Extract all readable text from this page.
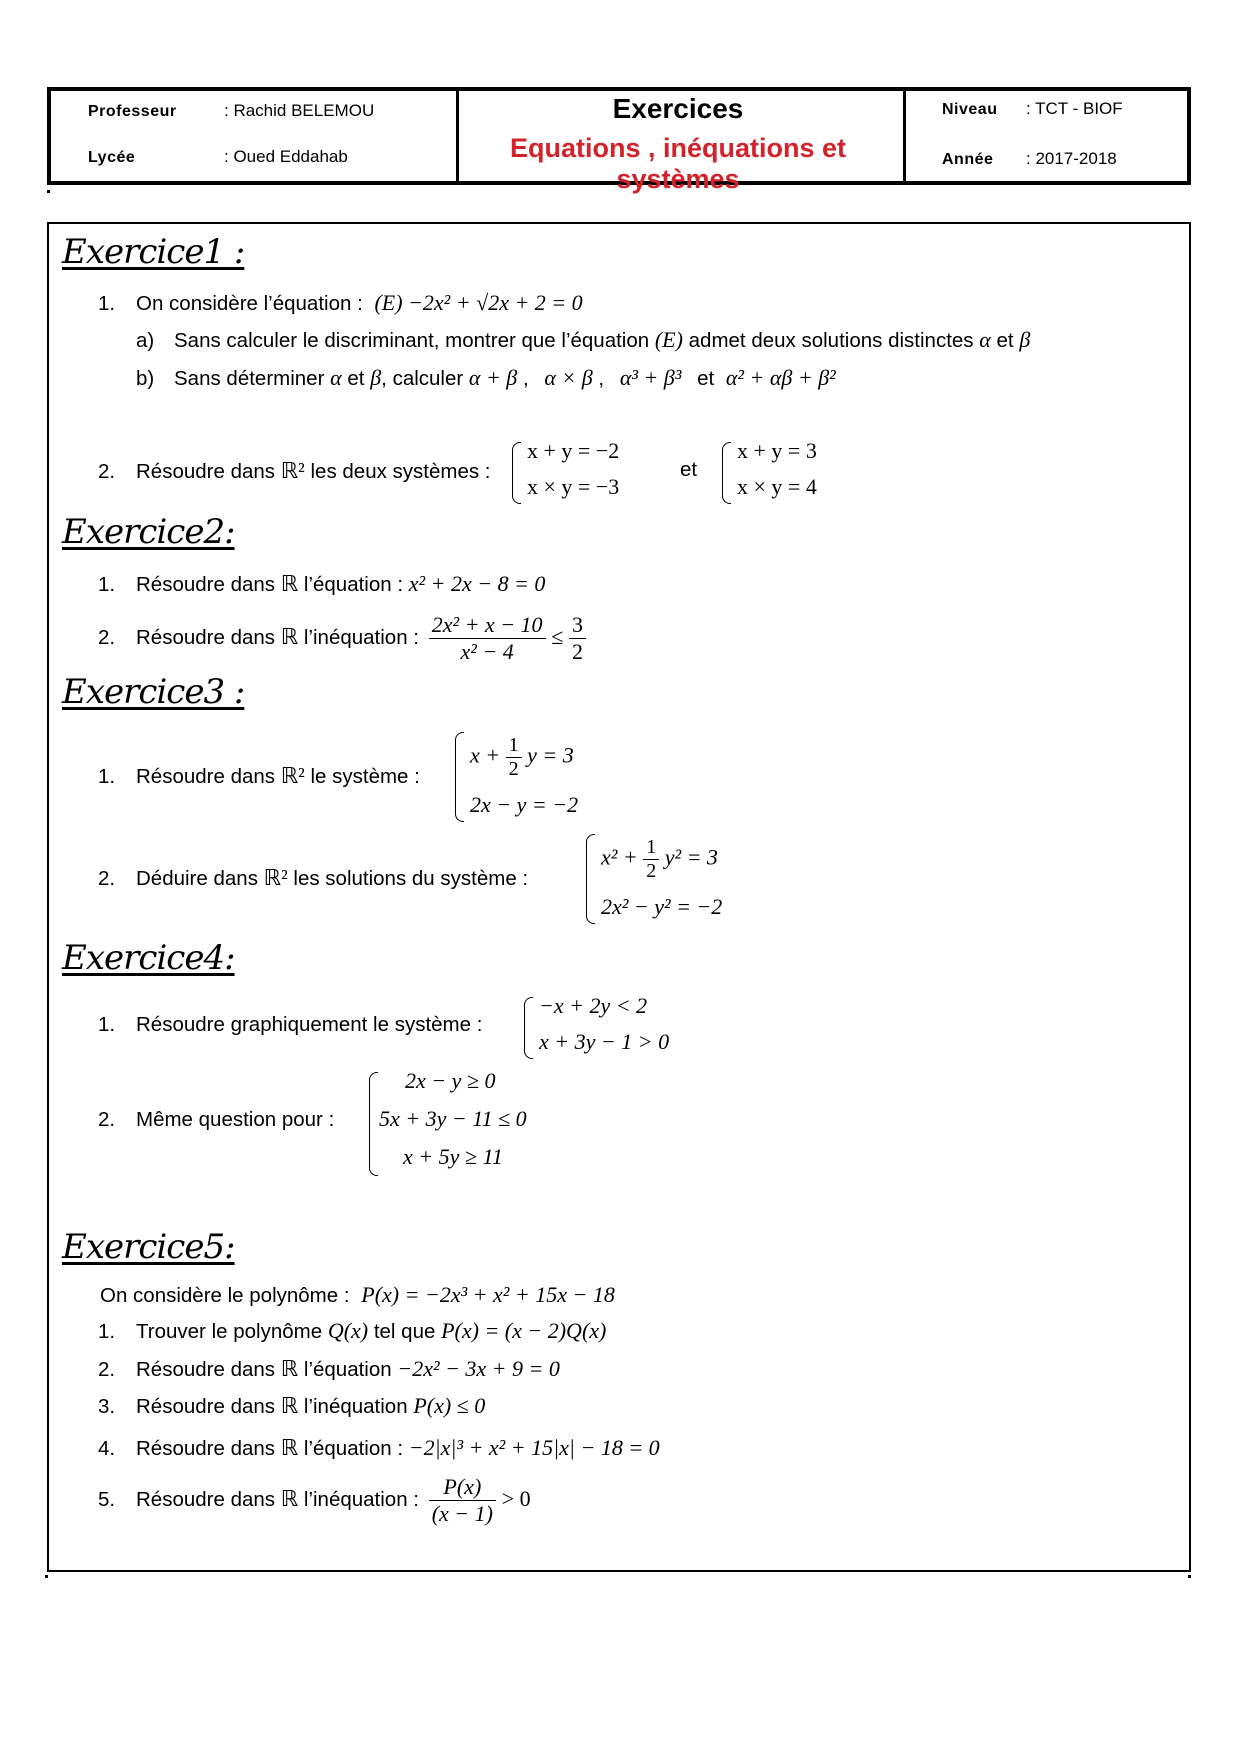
Professeur	: Rachid BELEMOU
Lycée	: Oued Eddahab
Exercices
Equations , inéquations et systèmes
Niveau : TCT - BIOF
Année : 2017-2018
Exercice1 :
1. On considère l’équation : (E) −2x² + √2x + 2 = 0
a) Sans calculer le discriminant, montrer que l’équation (E) admet deux solutions distinctes α et β
b) Sans déterminer α et β, calculer α + β , α × β , α³ + β³ et α² + αβ + β²
2. Résoudre dans ℝ² les deux systèmes :
x + y = −2
x × y = −3
et
x + y = 3
x × y = 4
Exercice2:
1. Résoudre dans ℝ l’équation : x² + 2x − 8 = 0
2. Résoudre dans ℝ l’inéquation : $\frac{\text{2x² + x − 10}}{\text{x² − 4}} \le \frac{3}{2}$
Exercice3 :
1. Résoudre dans ℝ² le système :
$x + \frac{1}{2}$ y = 3
2x − y = −2
2. Déduire dans ℝ² les solutions du système :
$x^2 + \frac{1}{2} y^2 = 3$
2x² − y² = −2
Exercice4:
1. Résoudre graphiquement le système :
−x + 2y < 2
x + 3y − 1 > 0
2. Même question pour :
2x − y ≥ 0
5x + 3y − 11 ≤ 0
x + 5y ≥ 11
Exercice5:
On considère le polynôme : P(x) = −2x³ + x² + 15x − 18
1. Trouver le polynôme Q(x) tel que P(x) = (x − 2)Q(x)
2. Résoudre dans ℝ l’équation −2x² − 3x + 9 = 0
3. Résoudre dans ℝ l’inéquation P(x) ≤ 0
4. Résoudre dans ℝ l’équation : −2|x|³ + x² + 15|x| − 18 = 0
5. Résoudre dans ℝ l’inéquation : $\frac{P(x)}{(x - 1)} > 0$
